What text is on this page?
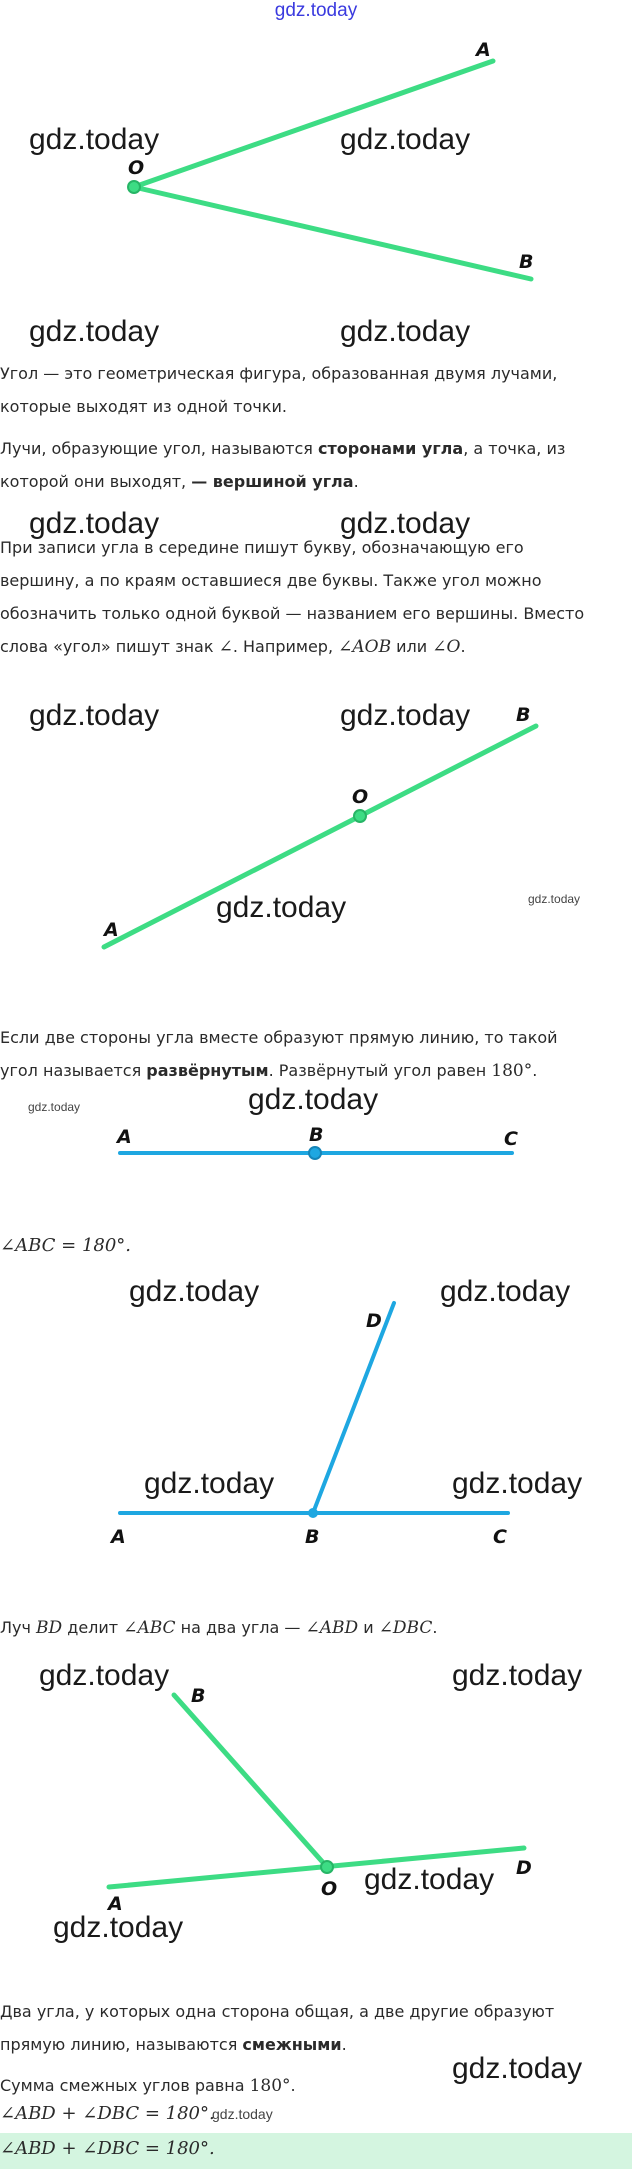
gdz.today
A
O
B
gdz.today	gdz.today
gdz.today	gdz.today
Угол — это геометрическая фигура, образованная двумя лучами, которые выходят из одной точки.
Лучи, образующие угол, называются сторонами угла, а точка, из которой они выходят, — вершиной угла.
gdz.today	gdz.today
При записи угла в середине пишут букву, обозначающую его вершину, а по краям оставшиеся две буквы. Также угол можно обозначить только одной буквой — названием его вершины. Вместо слова «угол» пишут знак ∠. Например, ∠AOB или ∠O.
B
O
A
gdz.today	gdz.today
gdz.today	gdz.today
Если две стороны угла вместе образуют прямую линию, то такой угол называется развёрнутым. Развёрнутый угол равен 180°.
gdz.today	gdz.today
A	B	C
∠ABC = 180°.
gdz.today	gdz.today
D
A	B	C
gdz.today	gdz.today
Луч BD делит ∠ABC на два угла — ∠ABD и ∠DBC.
B
A
O
D
gdz.today	gdz.today
gdz.today
gdz.today
Два угла, у которых одна сторона общая, а две другие образуют прямую линию, называются смежными.
Сумма смежных углов равна 180°.
gdz.today
∠ABD + ∠DBC = 180°.
gdz.today
∠ABD + ∠DBC = 180°.
